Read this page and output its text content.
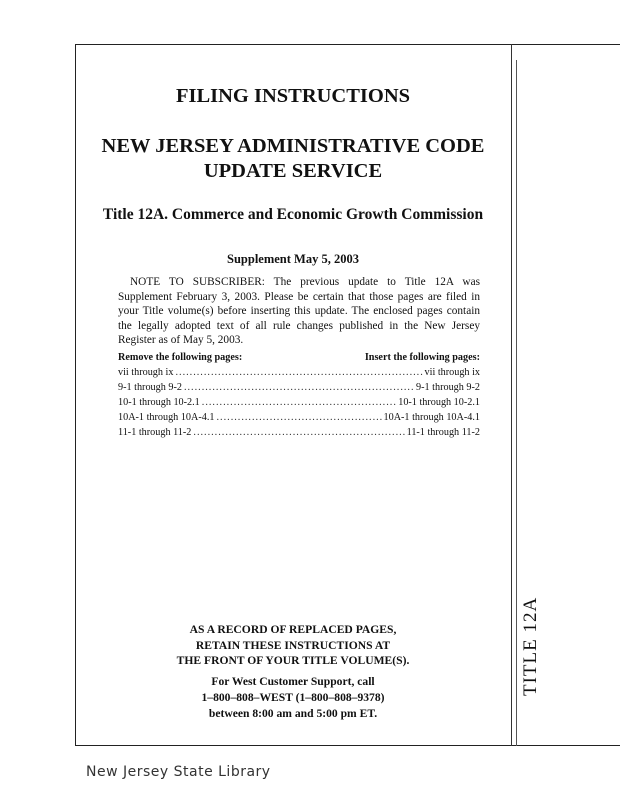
FILING INSTRUCTIONS
NEW JERSEY ADMINISTRATIVE CODE
UPDATE SERVICE
Title 12A. Commerce and Economic Growth Commission
Supplement May 5, 2003
NOTE TO SUBSCRIBER: The previous update to Title 12A was Supplement February 3, 2003. Please be certain that those pages are filed in your Title volume(s) before inserting this update. The enclosed pages contain the legally adopted text of all rule changes published in the New Jersey Register as of May 5, 2003.
Remove the following pages:	Insert the following pages:
vii through ix .....	vii through ix
9-1 through 9-2 .....	9-1 through 9-2
10-1 through 10-2.1 .....	10-1 through 10-2.1
10A-1 through 10A-4.1 .....	10A-1 through 10A-4.1
11-1 through 11-2 .....	11-1 through 11-2
AS A RECORD OF REPLACED PAGES,
RETAIN THESE INSTRUCTIONS AT
THE FRONT OF YOUR TITLE VOLUME(S).
For West Customer Support, call
1–800–808–WEST (1–800–808–9378)
between 8:00 am and 5:00 pm ET.
TITLE 12A
New Jersey State Library
